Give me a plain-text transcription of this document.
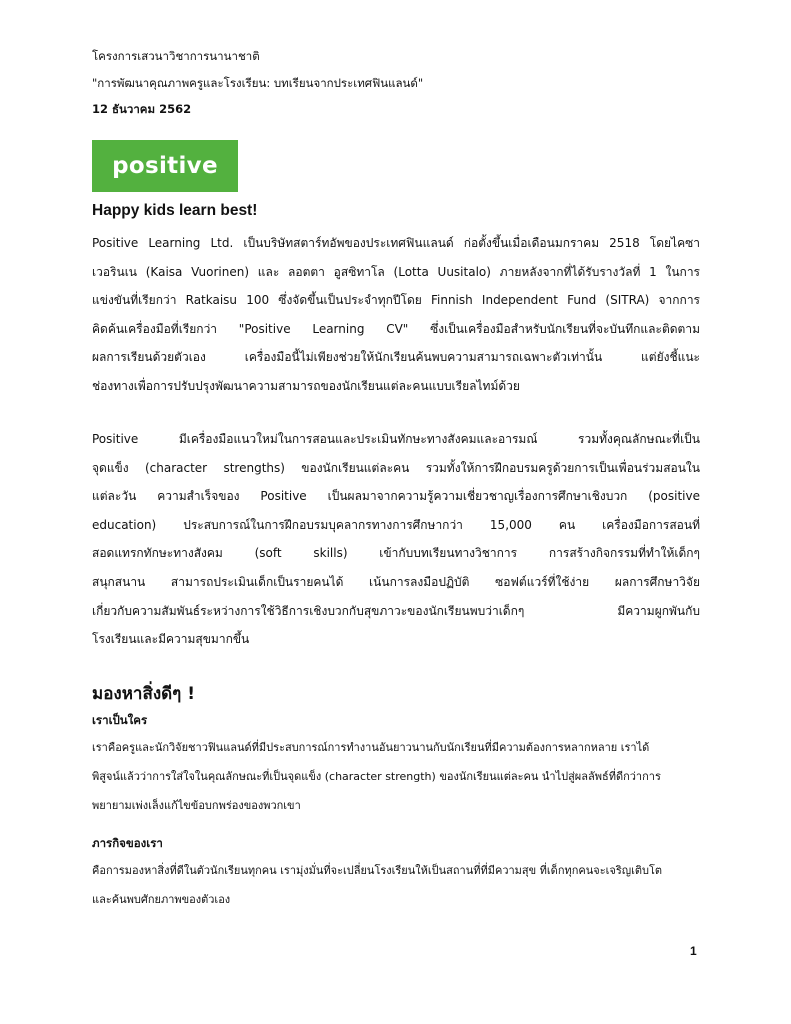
โครงการเสวนาวิชาการนานาชาติ
"การพัฒนาคุณภาพครูและโรงเรียน: บทเรียนจากประเทศฟินแลนด์"
12 ธันวาคม 2562
positive
Happy kids learn best!
Positive Learning Ltd. เป็นบริษัทสตาร์ทอัพของประเทศฟินแลนด์ ก่อตั้งขึ้นเมื่อเดือนมกราคม 2518 โดยไคซา
เวอรินเน (Kaisa Vuorinen) และ ลอตตา อูสซิทาโล (Lotta Uusitalo) ภายหลังจากที่ได้รับรางวัลที่ 1 ในการ
แข่งขันที่เรียกว่า Ratkaisu 100 ซึ่งจัดขึ้นเป็นประจำทุกปีโดย Finnish Independent Fund (SITRA) จากการ
คิดค้นเครื่องมือที่เรียกว่า "Positive Learning CV" ซึ่งเป็นเครื่องมือสำหรับนักเรียนที่จะบันทึกและติดตาม
ผลการเรียนด้วยตัวเอง เครื่องมือนี้ไม่เพียงช่วยให้นักเรียนค้นพบความสามารถเฉพาะตัวเท่านั้น แต่ยังชี้แนะ
ช่องทางเพื่อการปรับปรุงพัฒนาความสามารถของนักเรียนแต่ละคนแบบเรียลไทม์ด้วย
Positive มีเครื่องมือแนวใหม่ในการสอนและประเมินทักษะทางสังคมและอารมณ์ รวมทั้งคุณลักษณะที่เป็น
จุดแข็ง (character strengths) ของนักเรียนแต่ละคน รวมทั้งให้การฝึกอบรมครูด้วยการเป็นเพื่อนร่วมสอนใน
แต่ละวัน ความสำเร็จของ Positive เป็นผลมาจากความรู้ความเชี่ยวชาญเรื่องการศึกษาเชิงบวก (positive
education) ประสบการณ์ในการฝึกอบรมบุคลากรทางการศึกษากว่า 15,000 คน เครื่องมือการสอนที่
สอดแทรกทักษะทางสังคม (soft skills) เข้ากับบทเรียนทางวิชาการ การสร้างกิจกรรมที่ทำให้เด็กๆ
สนุกสนาน สามารถประเมินเด็กเป็นรายคนได้ เน้นการลงมือปฏิบัติ ซอฟต์แวร์ที่ใช้ง่าย ผลการศึกษาวิจัย
เกี่ยวกับความสัมพันธ์ระหว่างการใช้วิธีการเชิงบวกกับสุขภาวะของนักเรียนพบว่าเด็กๆ มีความผูกพันกับ
โรงเรียนและมีความสุขมากขึ้น
มองหาสิ่งดีๆ !
เราเป็นใคร
เราคือครูและนักวิจัยชาวฟินแลนด์ที่มีประสบการณ์การทำงานอันยาวนานกับนักเรียนที่มีความต้องการหลากหลาย เราได้
พิสูจน์แล้วว่าการใส่ใจในคุณลักษณะที่เป็นจุดแข็ง (character strength) ของนักเรียนแต่ละคน นำไปสู่ผลลัพธ์ที่ดีกว่าการ
พยายามเพ่งเล็งแก้ไขข้อบกพร่องของพวกเขา
ภารกิจของเรา
คือการมองหาสิ่งที่ดีในตัวนักเรียนทุกคน เรามุ่งมั่นที่จะเปลี่ยนโรงเรียนให้เป็นสถานที่ที่มีความสุข ที่เด็กทุกคนจะเจริญเติบโต
และค้นพบศักยภาพของตัวเอง
1
